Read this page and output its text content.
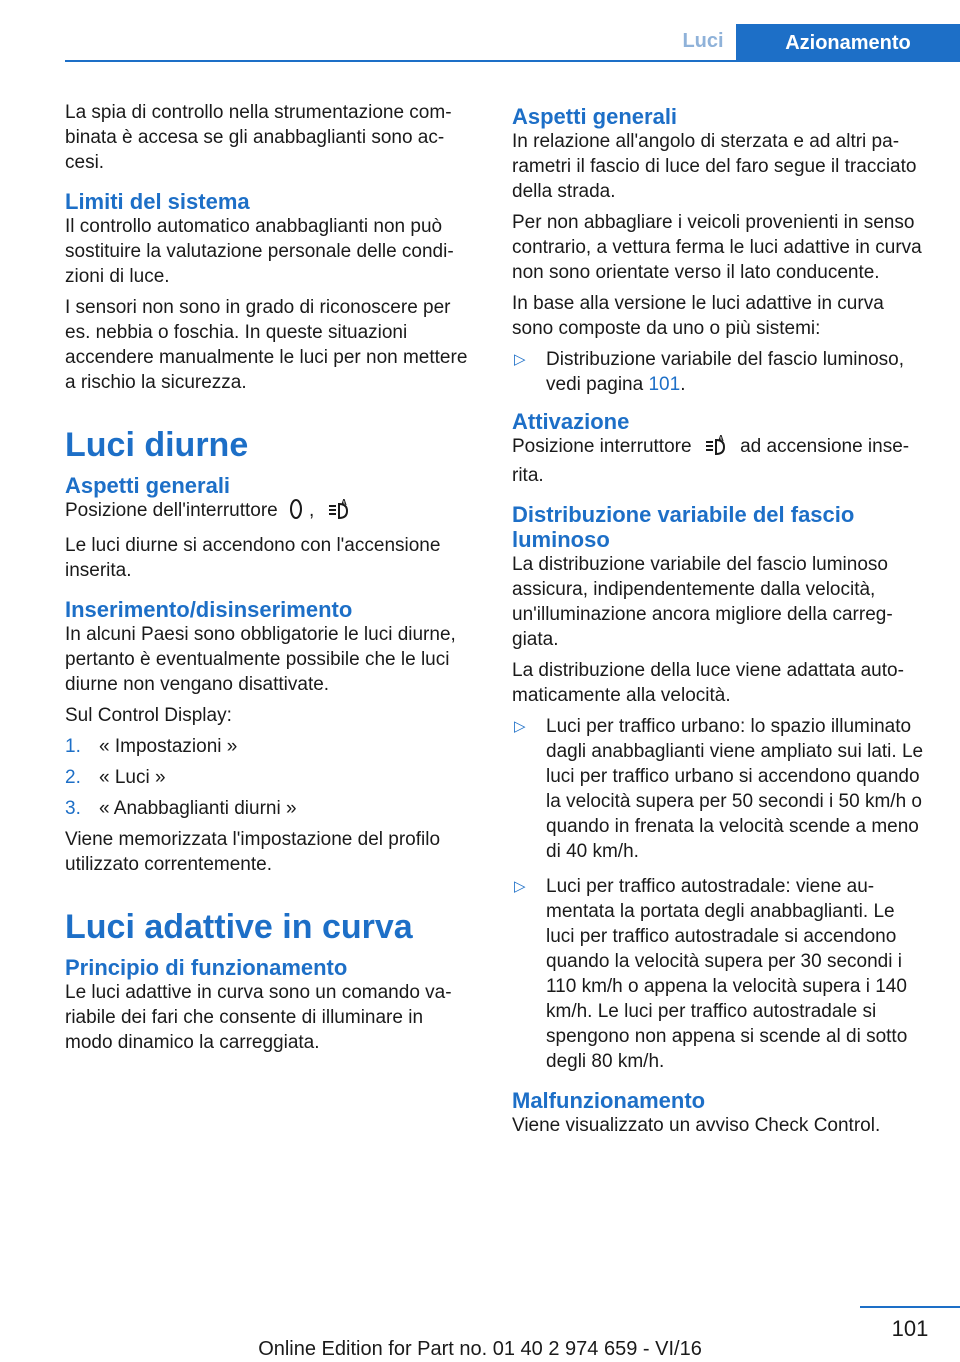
Luci	Azionamento

La spia di controllo nella strumentazione combinata è accesa se gli anabbaglianti sono accesi.

Limiti del sistema

Il controllo automatico anabbaglianti non può sostituire la valutazione personale delle condizioni di luce.

I sensori non sono in grado di riconoscere per es. nebbia o foschia. In queste situazioni accendere manualmente le luci per non mettere a rischio la sicurezza.

Luci diurne
Aspetti generali

Posizione dell'interruttore ,	A

Le luci diurne si accendono con l'accensione inserita.

Inserimento/disinserimento

In alcuni Paesi sono obbligatorie le luci diurne, pertanto è eventualmente possibile che le luci diurne non vengano disattivate.

Sul Control Display:

1. « Impostazioni »
2. « Luci »
3. « Anabbaglianti diurni »

Viene memorizzata l'impostazione del profilo utilizzato correntemente.

Luci adattive in curva
Principio di funzionamento

Le luci adattive in curva sono un comando variabile dei fari che consente di illuminare in modo dinamico la carreggiata.

Aspetti generali

In relazione all'angolo di sterzata e ad altri parametri il fascio di luce del faro segue il tracciato della strada.

Per non abbagliare i veicoli provenienti in senso contrario, a vettura ferma le luci adattive in curva non sono orientate verso il lato conducente.

In base alla versione le luci adattive in curva sono composte da uno o più sistemi:

▷ Distribuzione variabile del fascio luminoso, vedi pagina 101.
Attivazione

Posizione interruttore	A ad accensione inserita.

Distribuzione variabile del fascio luminoso

La distribuzione variabile del fascio luminoso assicura, indipendentemente dalla velocità, un'illuminazione ancora migliore della carreggiata.

La distribuzione della luce viene adattata automaticamente alla velocità.

▷ Luci per traffico urbano: lo spazio illuminato dagli anabbaglianti viene ampliato sui lati. Le luci per traffico urbano si accendono quando la velocità supera per 50 secondi i 50 km/h o quando in frenata la velocità scende a meno di 40 km/h.
▷ Luci per traffico autostradale: viene aumentata la portata degli anabbaglianti. Le luci per traffico autostradale si accendono quando la velocità supera per 30 secondi i 110 km/h o appena la velocità supera i 140 km/h. Le luci per traffico autostradale si spengono non appena si scende al di sotto degli 80 km/h.
Malfunzionamento

Viene visualizzato un avviso Check Control.

101
Online Edition for Part no. 01 40 2 974 659 - VI/16
